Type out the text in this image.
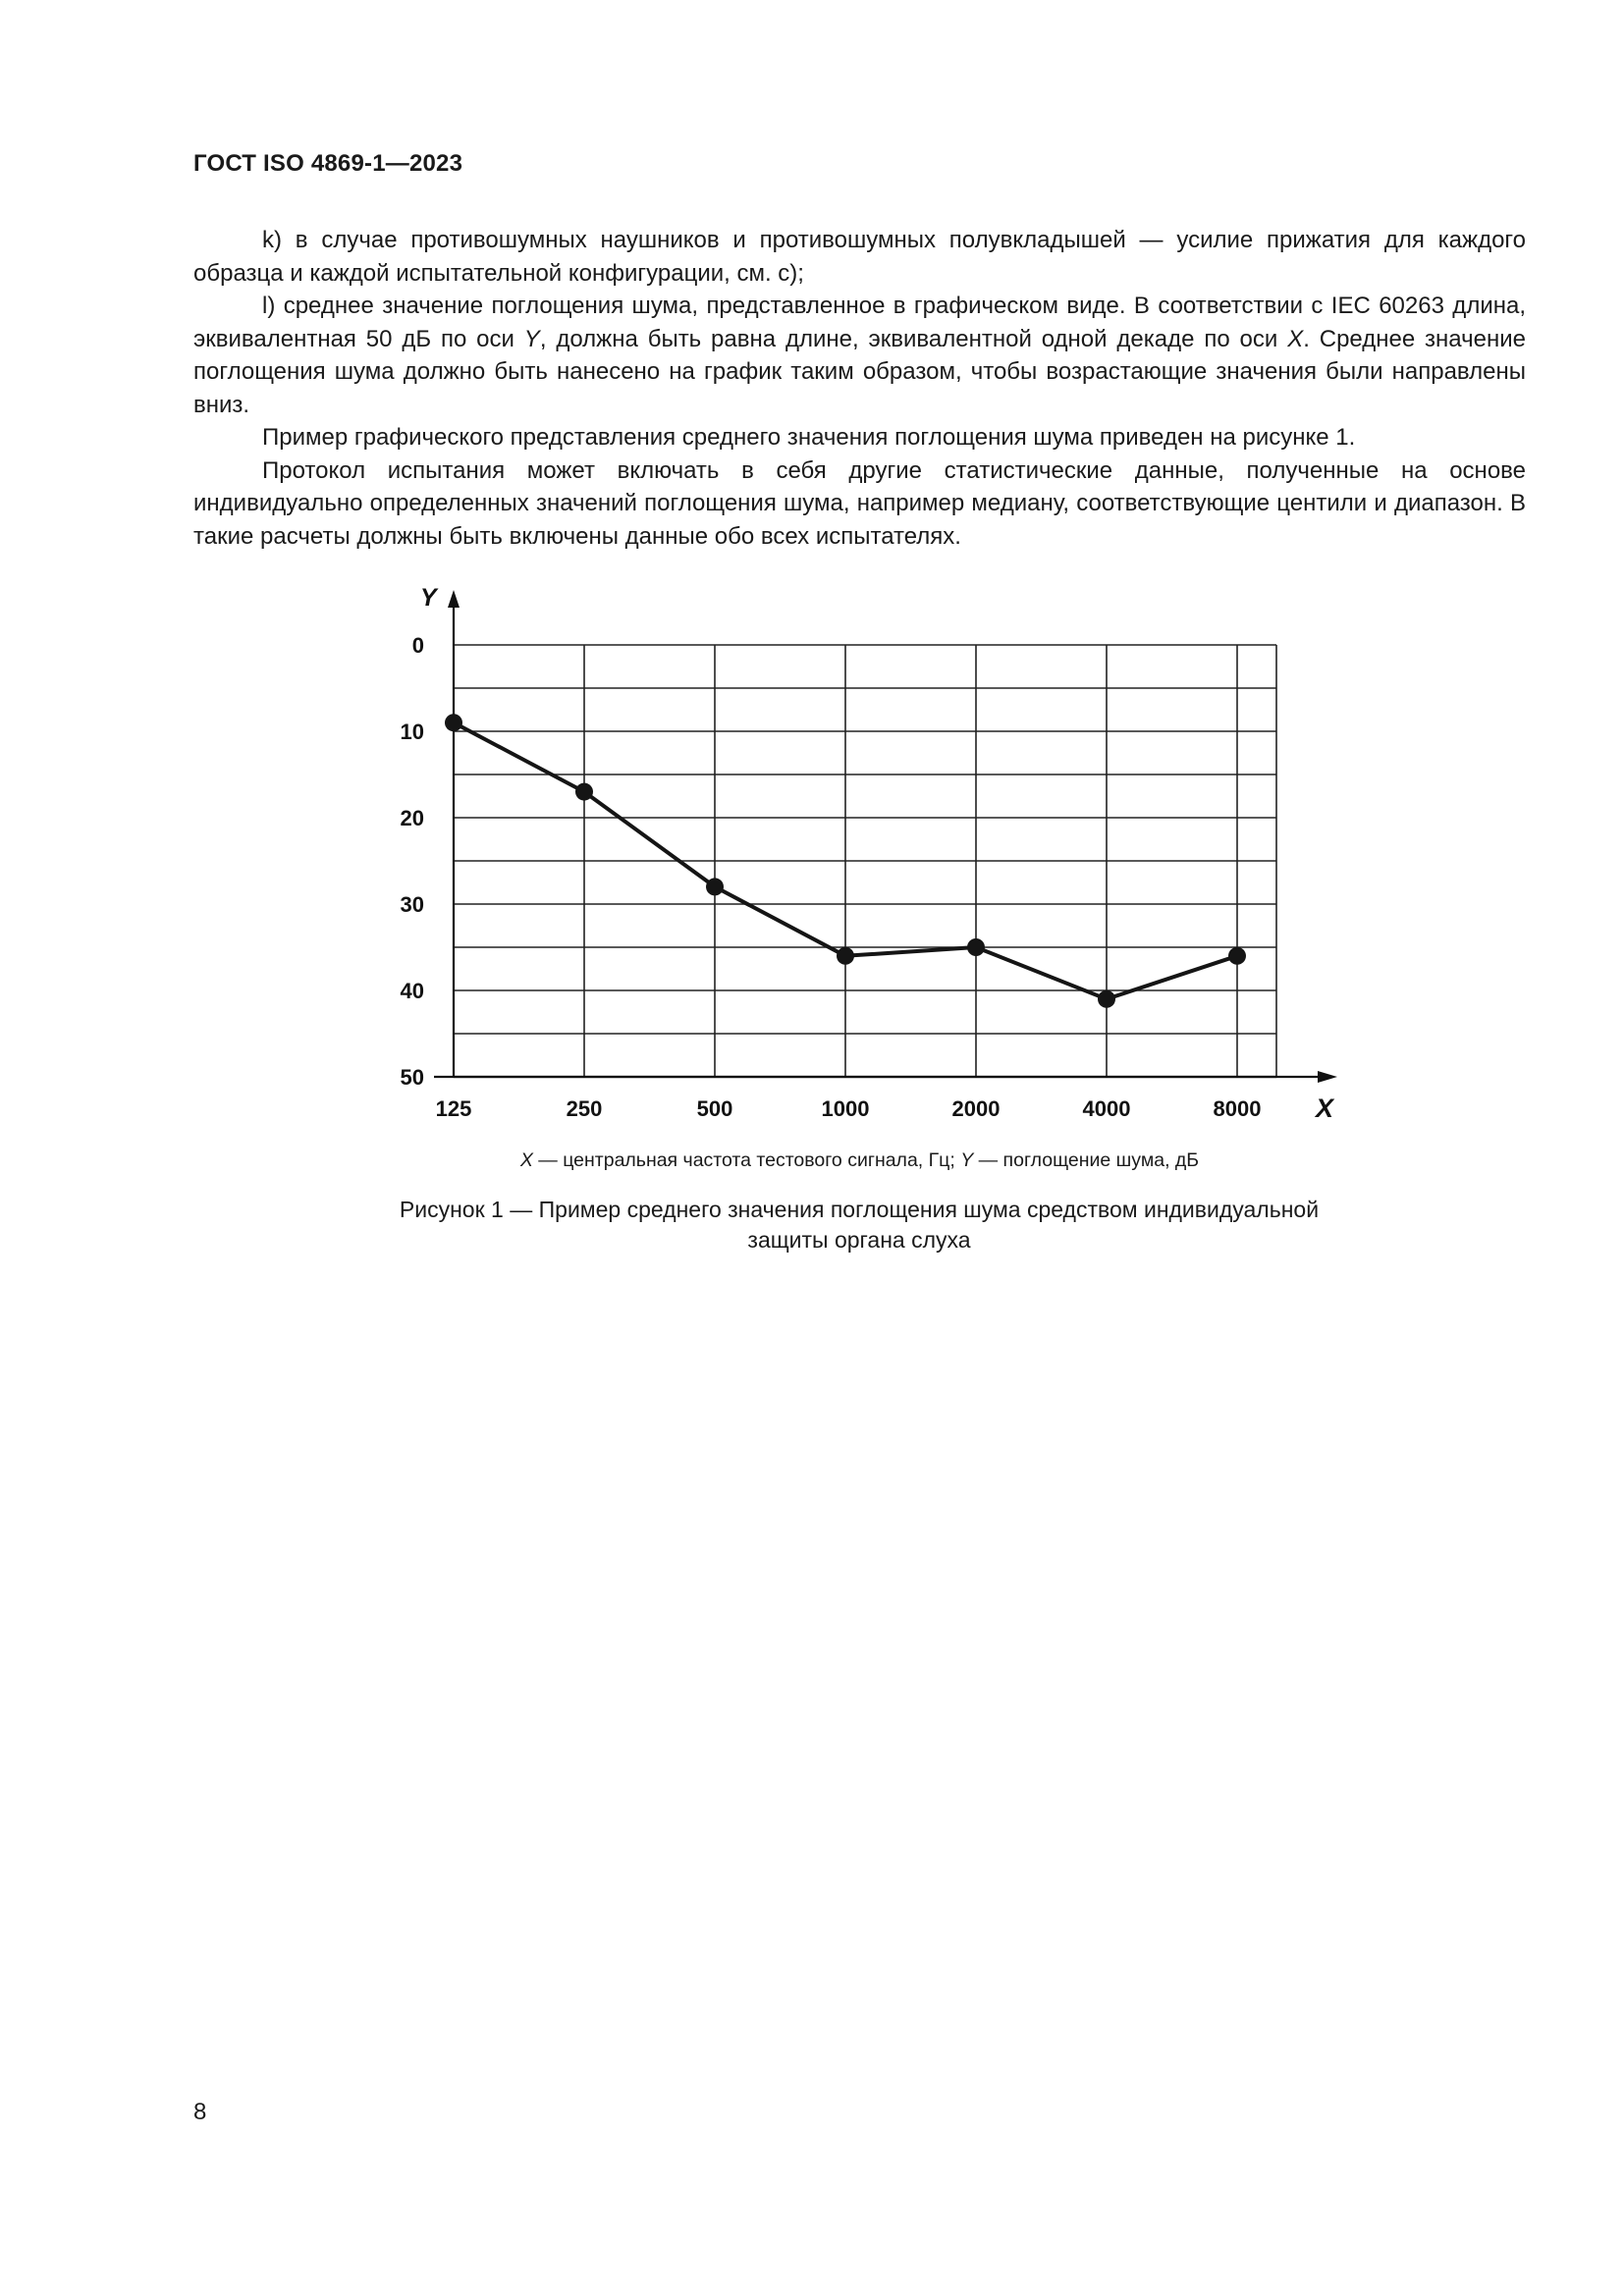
ГОСТ ISO 4869-1—2023

k) в случае противошумных наушников и противошумных полувкладышей — усилие прижатия для каждого образца и каждой испытательной конфигурации, см. с);

l) среднее значение поглощения шума, представленное в графическом виде. В соответствии с IEC 60263 длина, эквивалентная 50 дБ по оси Y, должна быть равна длине, эквивалентной одной декаде по оси X. Среднее значение поглощения шума должно быть нанесено на график таким образом, чтобы возрастающие значения были направлены вниз.

Пример графического представления среднего значения поглощения шума приведен на рисунке 1.

Протокол испытания может включать в себя другие статистические данные, полученные на основе индивидуально определенных значений поглощения шума, например медиану, соответствующие центили и диапазон. В такие расчеты должны быть включены данные обо всех испытателях.

0
10
20
30
40
50
125	250	500	1000	2000	4000	8000
Y
X
X — центральная частота тестового сигнала, Гц; Y — поглощение шума, дБ
Рисунок 1 — Пример среднего значения поглощения шума средством индивидуальной
защиты органа слуха
8
